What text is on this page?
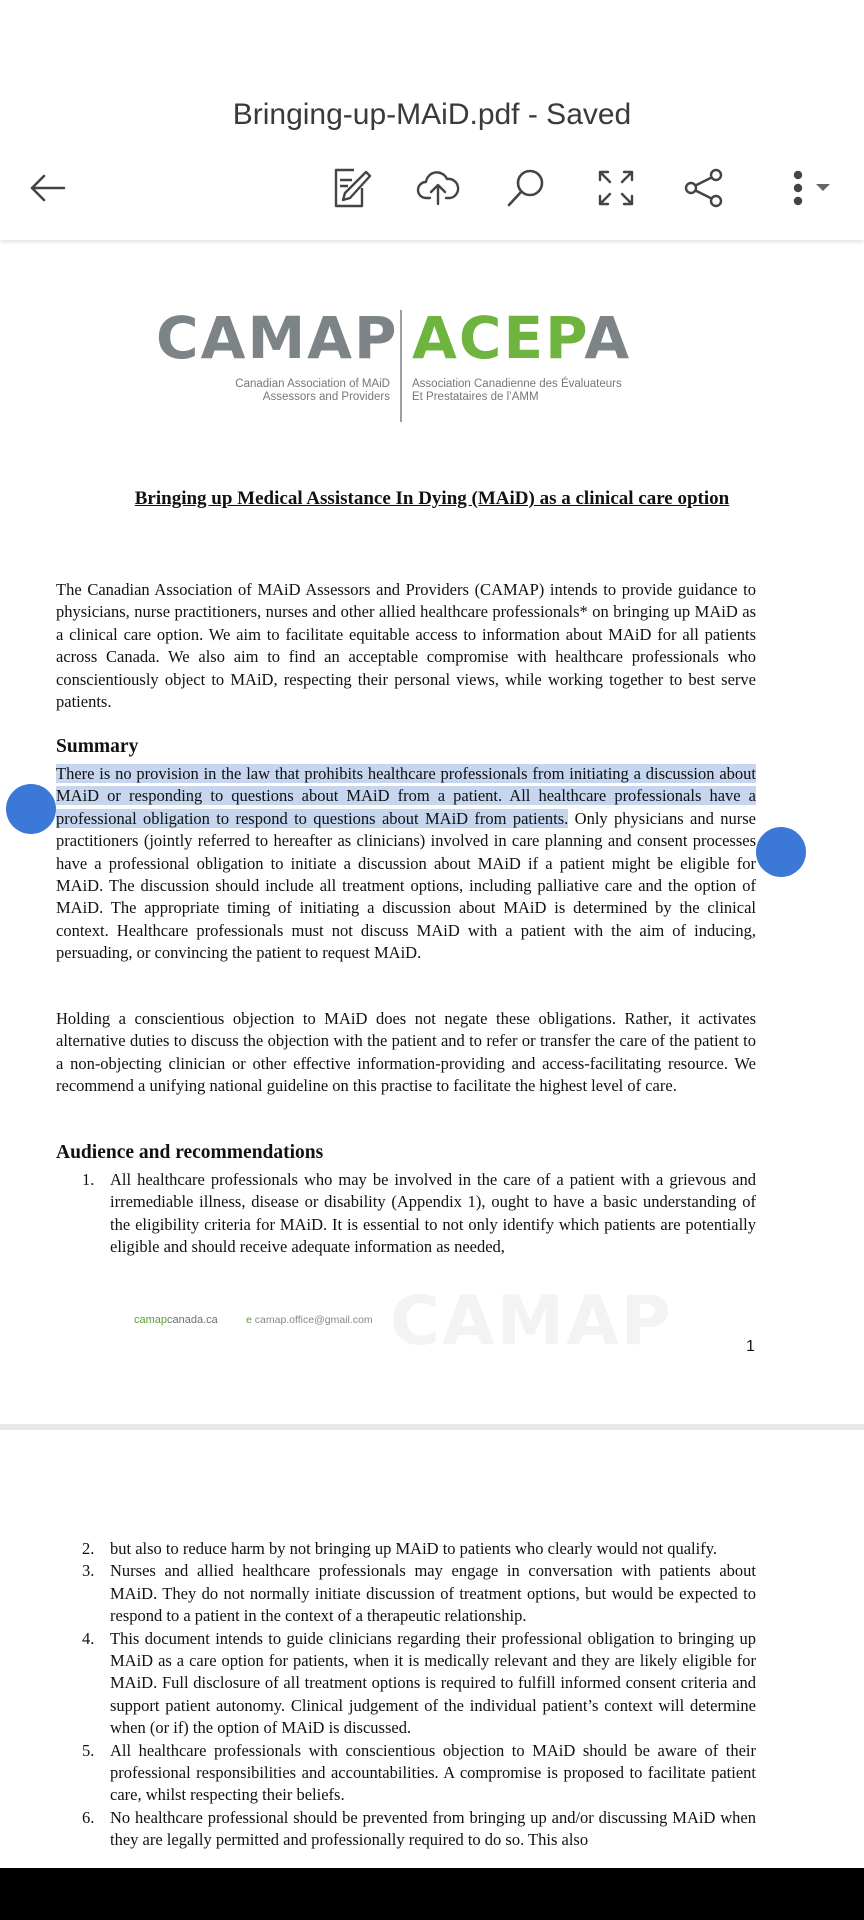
Bringing-up-MAiD.pdf - Saved
CAMAP ACEPA
Canadian Association of MAiD
Assessors and Providers
Association Canadienne des Évaluateurs
Et Prestataires de l’AMM
Bringing up Medical Assistance In Dying (MAiD) as a clinical care option
The Canadian Association of MAiD Assessors and Providers (CAMAP) intends to provide guidance to physicians, nurse practitioners, nurses and other allied healthcare professionals* on bringing up MAiD as a clinical care option. We aim to facilitate equitable access to information about MAiD for all patients across Canada. We also aim to find an acceptable compromise with healthcare professionals who conscientiously object to MAiD, respecting their personal views, while working together to best serve patients.
Summary
There is no provision in the law that prohibits healthcare professionals from initiating a discussion about MAiD or responding to questions about MAiD from a patient. All healthcare professionals have a professional obligation to respond to questions about MAiD from patients. Only physicians and nurse practitioners (jointly referred to hereafter as clinicians) involved in care planning and consent processes have a professional obligation to initiate a discussion about MAiD if a patient might be eligible for MAiD. The discussion should include all treatment options, including palliative care and the option of MAiD. The appropriate timing of initiating a discussion about MAiD is determined by the clinical context. Healthcare professionals must not discuss MAiD with a patient with the aim of inducing, persuading, or convincing the patient to request MAiD.
Holding a conscientious objection to MAiD does not negate these obligations. Rather, it activates alternative duties to discuss the objection with the patient and to refer or transfer the care of the patient to a non-objecting clinician or other effective information-providing and access-facilitating resource. We recommend a unifying national guideline on this practise to facilitate the highest level of care.
Audience and recommendations
1. All healthcare professionals who may be involved in the care of a patient with a grievous and irremediable illness, disease or disability (Appendix 1), ought to have a basic understanding of the eligibility criteria for MAiD. It is essential to not only identify which patients are potentially eligible and should receive adequate information as needed,
CAMAP
camapcanada.ca	e camap.office@gmail.com
1
2. but also to reduce harm by not bringing up MAiD to patients who clearly would not qualify.
3. Nurses and allied healthcare professionals may engage in conversation with patients about MAiD. They do not normally initiate discussion of treatment options, but would be expected to respond to a patient in the context of a therapeutic relationship.
4. This document intends to guide clinicians regarding their professional obligation to bringing up MAiD as a care option for patients, when it is medically relevant and they are likely eligible for MAiD. Full disclosure of all treatment options is required to fulfill informed consent criteria and support patient autonomy. Clinical judgement of the individual patient’s context will determine when (or if) the option of MAiD is discussed.
5. All healthcare professionals with conscientious objection to MAiD should be aware of their professional responsibilities and accountabilities. A compromise is proposed to facilitate patient care, whilst respecting their beliefs.
6. No healthcare professional should be prevented from bringing up and/or discussing MAiD when they are legally permitted and professionally required to do so. This also
